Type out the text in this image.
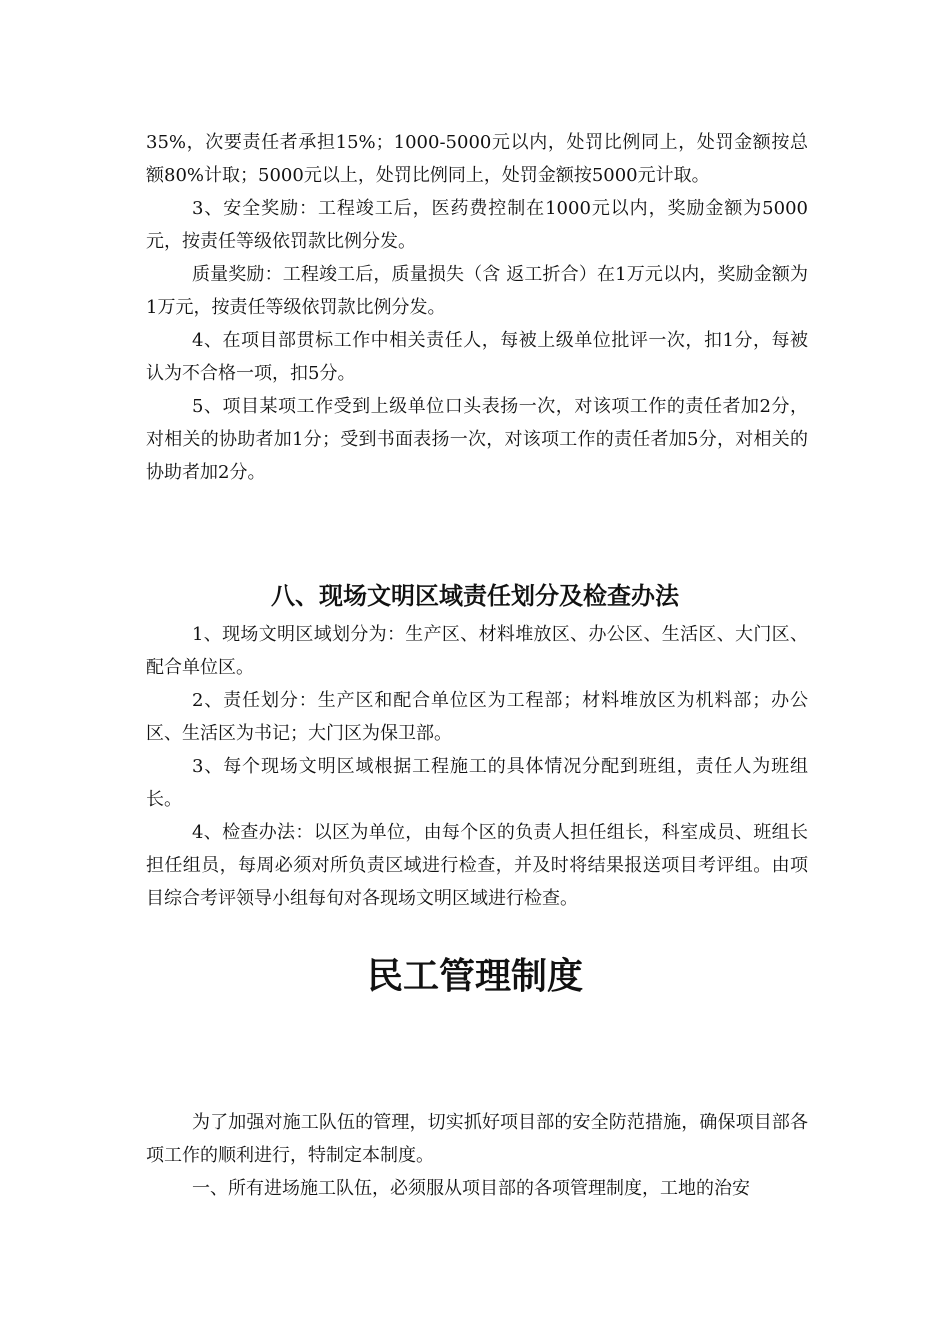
35%，次要责任者承担15%；1000-5000元以内，处罚比例同上，处罚金额按总额80%计取；5000元以上，处罚比例同上，处罚金额按5000元计取。

3、安全奖励：工程竣工后，医药费控制在1000元以内，奖励金额为5000元，按责任等级依罚款比例分发。

质量奖励：工程竣工后，质量损失（含 返工折合）在1万元以内，奖励金额为1万元，按责任等级依罚款比例分发。

4、在项目部贯标工作中相关责任人，每被上级单位批评一次，扣1分，每被认为不合格一项，扣5分。

5、项目某项工作受到上级单位口头表扬一次，对该项工作的责任者加2分，对相关的协助者加1分；受到书面表扬一次，对该项工作的责任者加5分，对相关的协助者加2分。

八、现场文明区域责任划分及检查办法

1、现场文明区域划分为：生产区、材料堆放区、办公区、生活区、大门区、配合单位区。

2、责任划分：生产区和配合单位区为工程部；材料堆放区为机料部；办公区、生活区为书记；大门区为保卫部。

3、每个现场文明区域根据工程施工的具体情况分配到班组，责任人为班组长。

4、检查办法：以区为单位，由每个区的负责人担任组长，科室成员、班组长担任组员，每周必须对所负责区域进行检查，并及时将结果报送项目考评组。由项目综合考评领导小组每旬对各现场文明区域进行检查。

民工管理制度

为了加强对施工队伍的管理，切实抓好项目部的安全防范措施，确保项目部各项工作的顺利进行，特制定本制度。

一、所有进场施工队伍，必须服从项目部的各项管理制度，工地的治安
